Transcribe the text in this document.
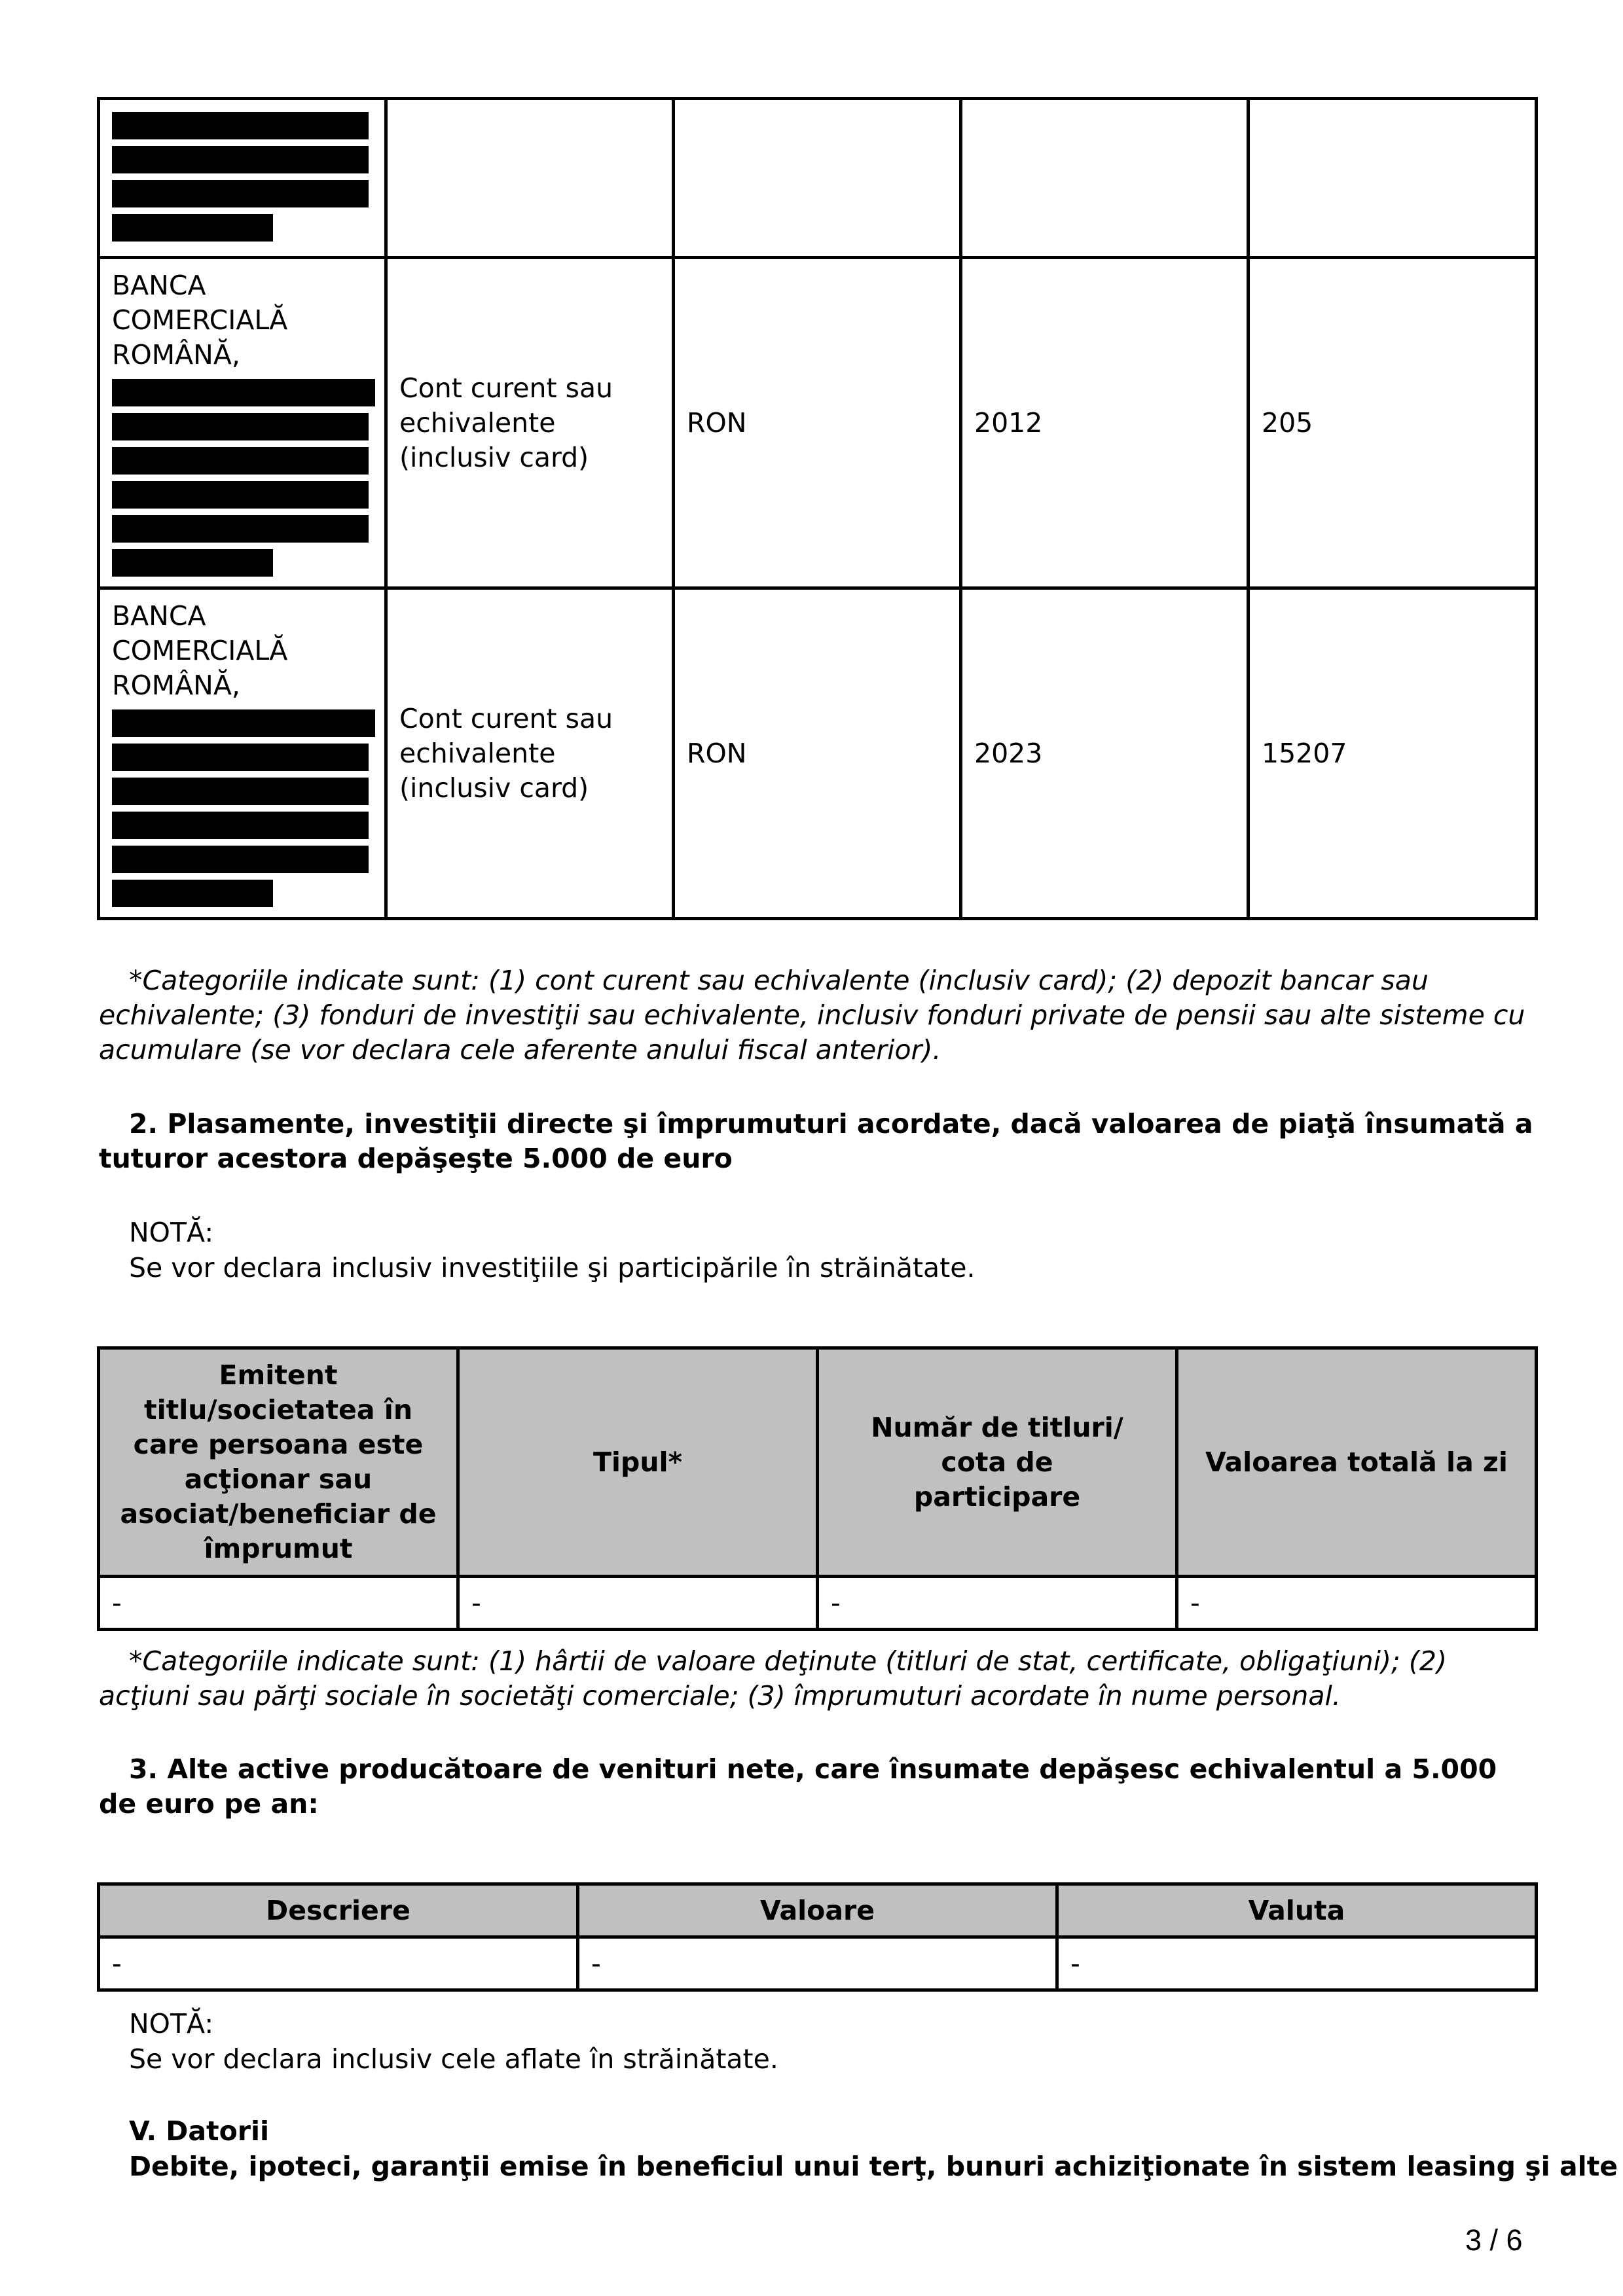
BANCA COMERCIALĂ ROMÂNĂ,	Cont curent sau echivalente (inclusiv card)	RON	2012	205

BANCA COMERCIALĂ ROMÂNĂ,	Cont curent sau echivalente (inclusiv card)	RON	2023	15207
*Categoriile indicate sunt: (1) cont curent sau echivalente (inclusiv card); (2) depozit bancar sau echivalente; (3) fonduri de investiţii sau echivalente, inclusiv fonduri private de pensii sau alte sisteme cu acumulare (se vor declara cele aferente anului fiscal anterior).
2. Plasamente, investiţii directe şi împrumuturi acordate, dacă valoarea de piaţă însumată a tuturor acestora depăşeşte 5.000 de euro
NOTĂ:
Se vor declara inclusiv investiţiile şi participările în străinătate.
Emitent titlu/societatea în care persoana este acţionar sau asociat/beneficiar de împrumut	Tipul*	Număr de titluri/ cota de participare	Valoarea totală la zi
-	-	-	-
*Categoriile indicate sunt: (1) hârtii de valoare deţinute (titluri de stat, certificate, obligaţiuni); (2) acţiuni sau părţi sociale în societăţi comerciale; (3) împrumuturi acordate în nume personal.
3. Alte active producătoare de venituri nete, care însumate depăşesc echivalentul a 5.000 de euro pe an:
Descriere	Valoare	Valuta
-	-	-
NOTĂ:
Se vor declara inclusiv cele aflate în străinătate.
V. Datorii
Debite, ipoteci, garanţii emise în beneficiul unui terţ, bunuri achiziţionate în sistem leasing şi alte
3 / 6
